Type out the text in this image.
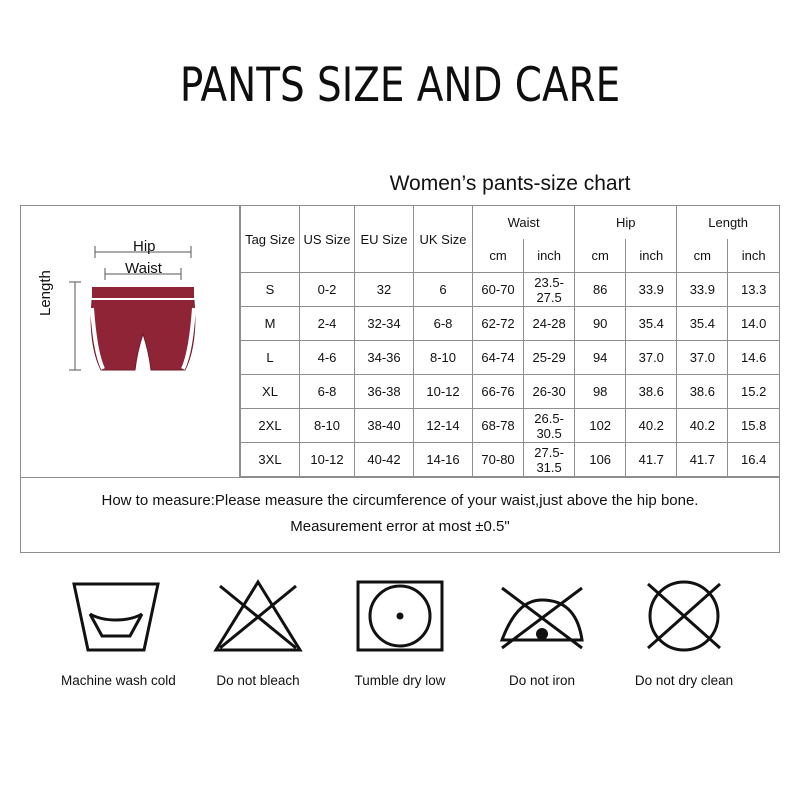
PANTS SIZE AND CARE
Women’s pants-size chart
Hip
Waist
Length
Tag Size	US Size	EU Size	UK Size	Waist		Hip		Length	
				cm	inch	cm	inch	cm	inch
S	0-2	32	6	60-70	23.5-27.5	86	33.9	33.9	13.3
M	2-4	32-34	6-8	62-72	24-28	90	35.4	35.4	14.0
L	4-6	34-36	8-10	64-74	25-29	94	37.0	37.0	14.6
XL	6-8	36-38	10-12	66-76	26-30	98	38.6	38.6	15.2
2XL	8-10	38-40	12-14	68-78	26.5-30.5	102	40.2	40.2	15.8
3XL	10-12	40-42	14-16	70-80	27.5-31.5	106	41.7	41.7	16.4
How to measure:Please measure the circumference of your waist,just above the hip bone.
Measurement error at most ±0.5"
Machine wash cold	Do not bleach	Tumble dry low	Do not iron	Do not dry clean
